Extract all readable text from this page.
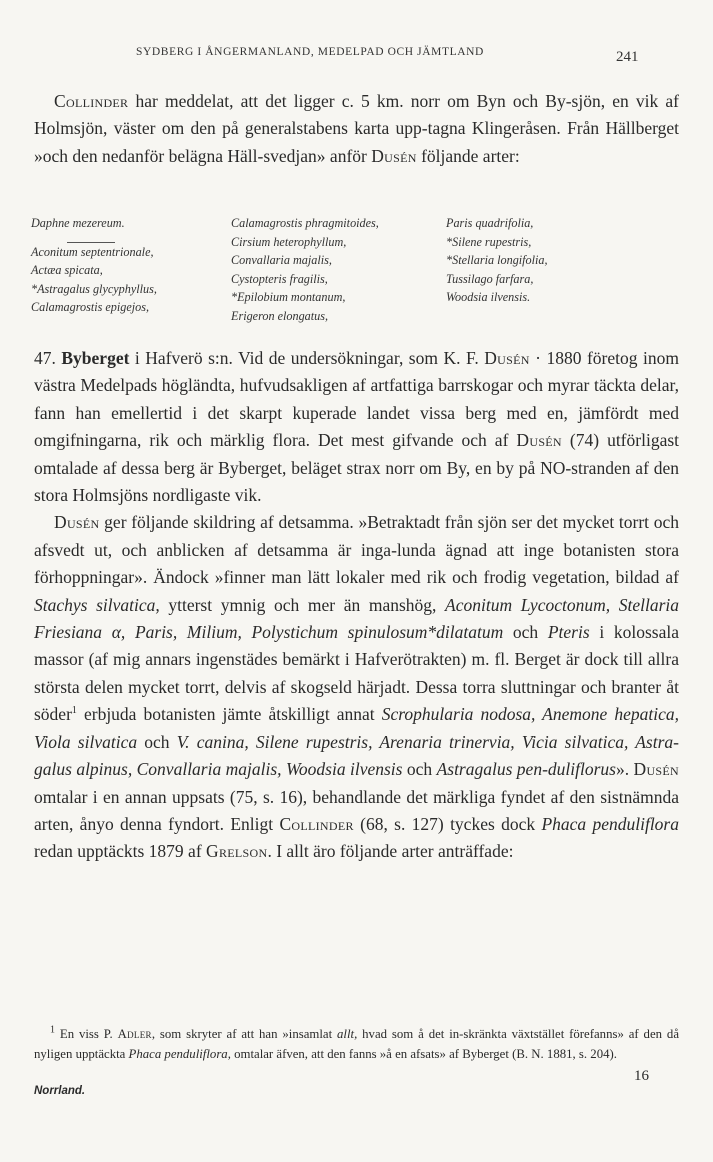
SYDBERG I ÅNGERMANLAND, MEDELPAD OCH JÄMTLAND	241

Collinder har meddelat, att det ligger c. 5 km. norr om Byn och By-sjön, en vik af Holmsjön, väster om den på generalstabens karta upp-tagna Klingeråsen. Från Hällberget »och den nedanför belägna Häll-svedjan» anför Dusén följande arter:

Daphne mezereum.
Aconitum septentrionale,
Actæa spicata,
*Astragalus glycyphyllus,
Calamagrostis epigejos,
Calamagrostis phragmitoides,
Cirsium heterophyllum,
Convallaria majalis,
Cystopteris fragilis,
*Epilobium montanum,
Erigeron elongatus,
Paris quadrifolia,
*Silene rupestris,
*Stellaria longifolia,
Tussilago farfara,
Woodsia ilvensis.

47. Byberget i Hafverö s:n. Vid de undersökningar, som K. F. Dusén · 1880 företog inom västra Medelpads högländta, hufvudsakligen af artfattiga barrskogar och myrar täckta delar, fann han emellertid i det skarpt kuperade landet vissa berg med en, jämfördt med omgifningarna, rik och märklig flora. Det mest gifvande och af Dusén (74) utförligast omtalade af dessa berg är Byberget, beläget strax norr om By, en by på NO-stranden af den stora Holmsjöns nordligaste vik.
Dusén ger följande skildring af detsamma. »Betraktadt från sjön ser det mycket torrt och afsvedt ut, och anblicken af detsamma är inga-lunda ägnad att inge botanisten stora förhoppningar». Ändock »finner man lätt lokaler med rik och frodig vegetation, bildad af Stachys silvatica, ytterst ymnig och mer än manshög, Aconitum Lycoctonum, Stellaria Friesiana α, Paris, Milium, Polystichum spinulosum*dilatatum och Pteris i kolossala massor (af mig annars ingenstädes bemärkt i Hafverötrakten) m. fl. Berget är dock till allra största delen mycket torrt, delvis af skogseld härjadt. Dessa torra sluttningar och branter åt söder$^1$ erbjuda botanisten jämte åtskilligt annat Scrophularia nodosa, Anemone hepatica, Viola silvatica och V. canina, Silene rupestris, Arenaria trinervia, Vicia silvatica, Astra-galus alpinus, Convallaria majalis, Woodsia ilvensis och Astragalus pen-duliflorus». Dusén omtalar i en annan uppsats (75, s. 16), behandlande det märkliga fyndet af den sistnämnda arten, ånyo denna fyndort. Enligt Collinder (68, s. 127) tyckes dock Phaca penduliflora redan upptäckts 1879 af Grelson. I allt äro följande arter anträffade:

$^1$ En viss P. Adler, som skryter af att han »insamlat allt, hvad som å det in-skränkta växtstället förefanns» af den då nyligen upptäckta Phaca penduliflora, omtalar äfven, att den fanns »å en afsats» af Byberget (B. N. 1881, s. 204).

Norrland.
16
